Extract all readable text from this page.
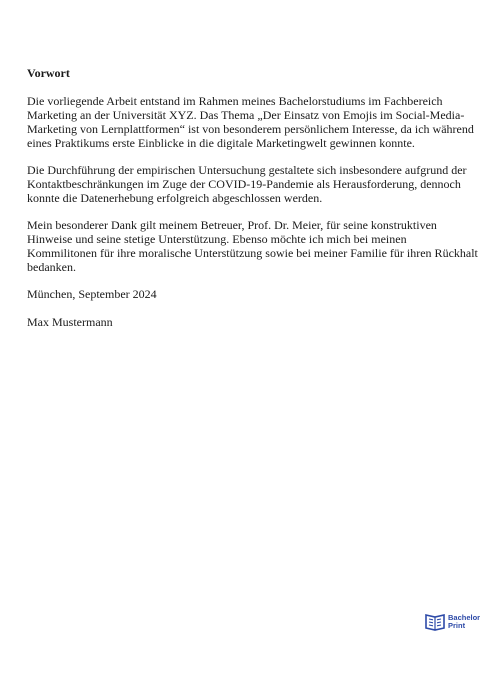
Vorwort

Die vorliegende Arbeit entstand im Rahmen meines Bachelorstudiums im Fachbereich Marketing an der Universität XYZ. Das Thema „Der Einsatz von Emojis im Social-Media-Marketing von Lernplattformen“ ist von besonderem persönlichem Interesse, da ich während eines Praktikums erste Einblicke in die digitale Marketingwelt gewinnen konnte.

Die Durchführung der empirischen Untersuchung gestaltete sich insbesondere aufgrund der Kontaktbeschränkungen im Zuge der COVID-19-Pandemie als Herausforderung, dennoch konnte die Datenerhebung erfolgreich abgeschlossen werden.

Mein besonderer Dank gilt meinem Betreuer, Prof. Dr. Meier, für seine konstruktiven Hinweise und seine stetige Unterstützung. Ebenso möchte ich mich bei meinen Kommilitonen für ihre moralische Unterstützung sowie bei meiner Familie für ihren Rückhalt bedanken.

München, September 2024
Max Mustermann
Bachelor
Print
